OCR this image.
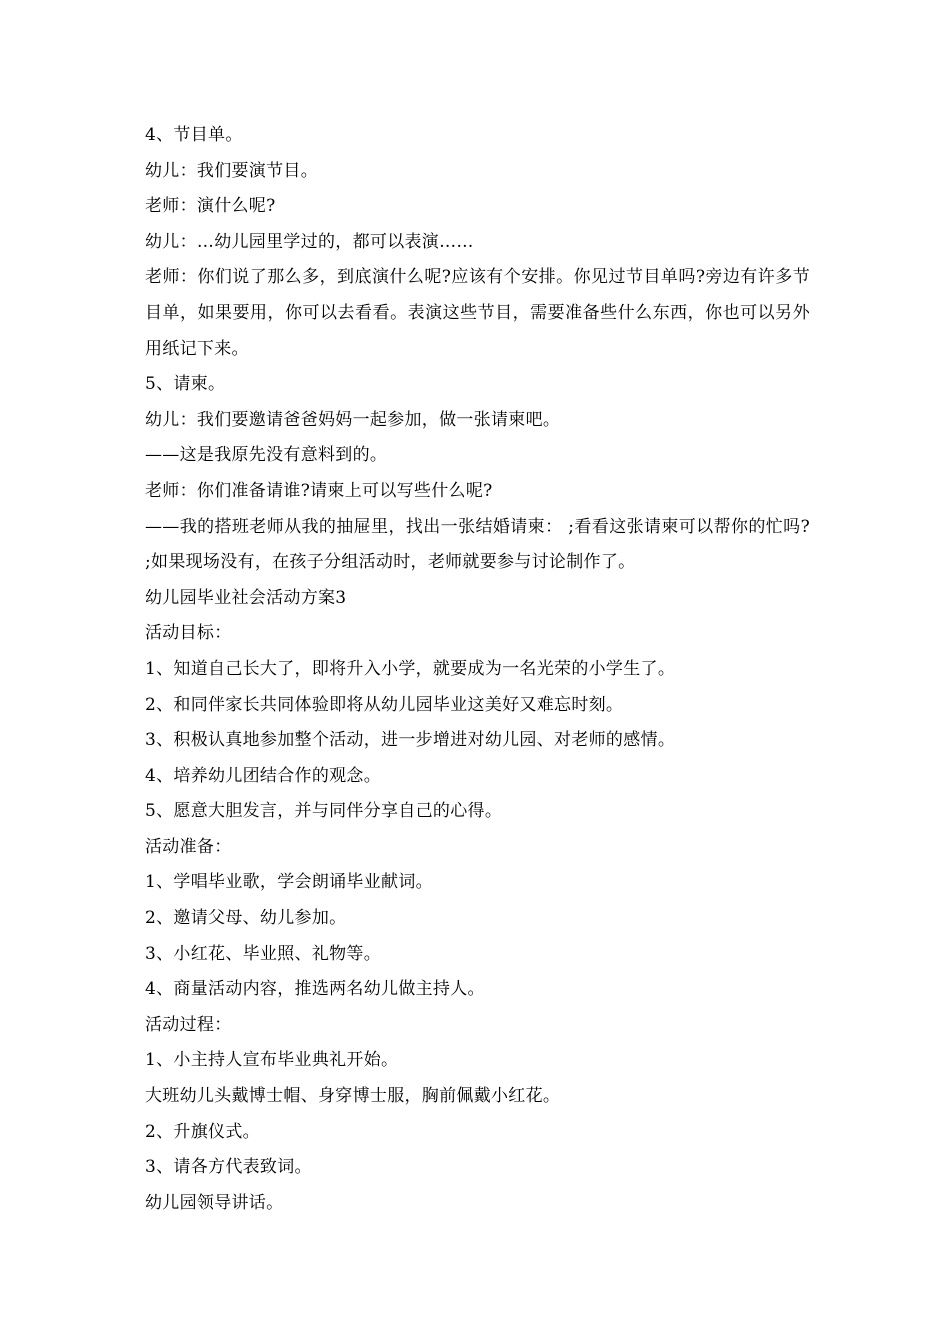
4、节目单。

幼儿：我们要演节目。

老师：演什么呢?

幼儿：…幼儿园里学过的，都可以表演……

老师：你们说了那么多，到底演什么呢?应该有个安排。你见过节目单吗?旁边有许多节目单，如果要用，你可以去看看。表演这些节目，需要准备些什么东西，你也可以另外用纸记下来。

5、请柬。

幼儿：我们要邀请爸爸妈妈一起参加，做一张请柬吧。

——这是我原先没有意料到的。

老师：你们准备请谁?请柬上可以写些什么呢?

——我的搭班老师从我的抽屉里，找出一张结婚请柬： ;看看这张请柬可以帮你的忙吗? ;如果现场没有，在孩子分组活动时，老师就要参与讨论制作了。

幼儿园毕业社会活动方案3

活动目标：

1、知道自己长大了，即将升入小学，就要成为一名光荣的小学生了。

2、和同伴家长共同体验即将从幼儿园毕业这美好又难忘时刻。

3、积极认真地参加整个活动，进一步增进对幼儿园、对老师的感情。

4、培养幼儿团结合作的观念。

5、愿意大胆发言，并与同伴分享自己的心得。

活动准备：

1、学唱毕业歌，学会朗诵毕业献词。

2、邀请父母、幼儿参加。

3、小红花、毕业照、礼物等。

4、商量活动内容，推选两名幼儿做主持人。

活动过程：

1、小主持人宣布毕业典礼开始。

大班幼儿头戴博士帽、身穿博士服，胸前佩戴小红花。

2、升旗仪式。

3、请各方代表致词。

幼儿园领导讲话。
